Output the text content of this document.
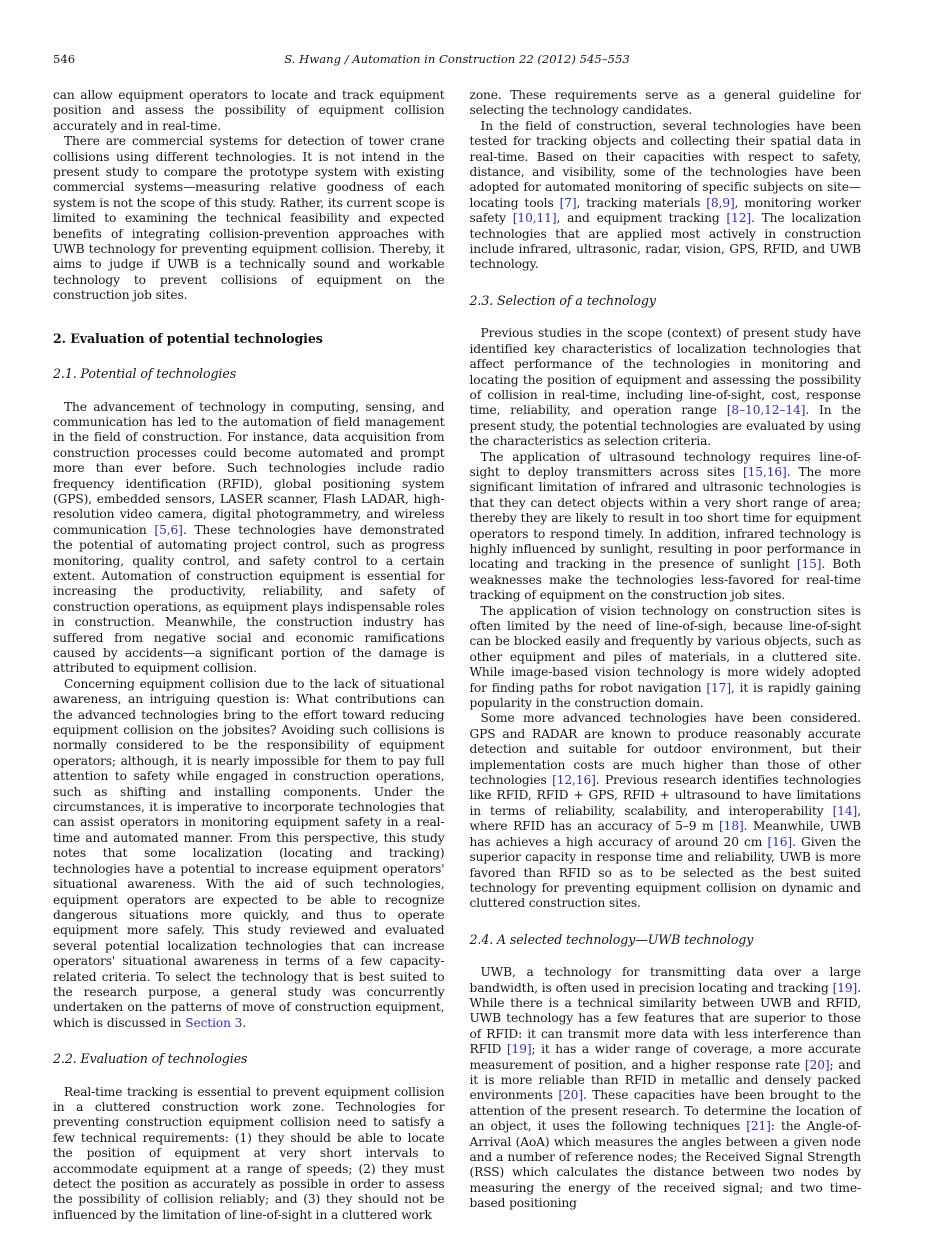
546	S. Hwang / Automation in Construction 22 (2012) 545–553

can allow equipment operators to locate and track equipment position and assess the possibility of equipment collision accurately and in real-time.

There are commercial systems for detection of tower crane collisions using different technologies. It is not intend in the present study to compare the prototype system with existing commercial systems—measuring relative goodness of each system is not the scope of this study. Rather, its current scope is limited to examining the technical feasibility and expected benefits of integrating collision-prevention approaches with UWB technology for preventing equipment collision. Thereby, it aims to judge if UWB is a technically sound and workable technology to prevent collisions of equipment on the construction job sites.

2. Evaluation of potential technologies
2.1. Potential of technologies

The advancement of technology in computing, sensing, and communication has led to the automation of field management in the field of construction. For instance, data acquisition from construction processes could become automated and prompt more than ever before. Such technologies include radio frequency identification (RFID), global positioning system (GPS), embedded sensors, LASER scanner, Flash LADAR, high-resolution video camera, digital photogrammetry, and wireless communication [5,6]. These technologies have demonstrated the potential of automating project control, such as progress monitoring, quality control, and safety control to a certain extent. Automation of construction equipment is essential for increasing the productivity, reliability, and safety of construction operations, as equipment plays indispensable roles in construction. Meanwhile, the construction industry has suffered from negative social and economic ramifications caused by accidents—a significant portion of the damage is attributed to equipment collision.

Concerning equipment collision due to the lack of situational awareness, an intriguing question is: What contributions can the advanced technologies bring to the effort toward reducing equipment collision on the jobsites? Avoiding such collisions is normally considered to be the responsibility of equipment operators; although, it is nearly impossible for them to pay full attention to safety while engaged in construction operations, such as shifting and installing components. Under the circumstances, it is imperative to incorporate technologies that can assist operators in monitoring equipment safety in a real-time and automated manner. From this perspective, this study notes that some localization (locating and tracking) technologies have a potential to increase equipment operators' situational awareness. With the aid of such technologies, equipment operators are expected to be able to recognize dangerous situations more quickly, and thus to operate equipment more safely. This study reviewed and evaluated several potential localization technologies that can increase operators' situational awareness in terms of a few capacity-related criteria. To select the technology that is best suited to the research purpose, a general study was concurrently undertaken on the patterns of move of construction equipment, which is discussed in Section 3.

2.2. Evaluation of technologies

Real-time tracking is essential to prevent equipment collision in a cluttered construction work zone. Technologies for preventing construction equipment collision need to satisfy a few technical requirements: (1) they should be able to locate the position of equipment at very short intervals to accommodate equipment at a range of speeds; (2) they must detect the position as accurately as possible in order to assess the possibility of collision reliably; and (3) they should not be influenced by the limitation of line-of-sight in a cluttered work

zone. These requirements serve as a general guideline for selecting the technology candidates.

In the field of construction, several technologies have been tested for tracking objects and collecting their spatial data in real-time. Based on their capacities with respect to safety, distance, and visibility, some of the technologies have been adopted for automated monitoring of specific subjects on site—locating tools [7], tracking materials [8,9], monitoring worker safety [10,11], and equipment tracking [12]. The localization technologies that are applied most actively in construction include infrared, ultrasonic, radar, vision, GPS, RFID, and UWB technology.

2.3. Selection of a technology

Previous studies in the scope (context) of present study have identified key characteristics of localization technologies that affect performance of the technologies in monitoring and locating the position of equipment and assessing the possibility of collision in real-time, including line-of-sight, cost, response time, reliability, and operation range [8–10,12–14]. In the present study, the potential technologies are evaluated by using the characteristics as selection criteria.

The application of ultrasound technology requires line-of-sight to deploy transmitters across sites [15,16]. The more significant limitation of infrared and ultrasonic technologies is that they can detect objects within a very short range of area; thereby they are likely to result in too short time for equipment operators to respond timely. In addition, infrared technology is highly influenced by sunlight, resulting in poor performance in locating and tracking in the presence of sunlight [15]. Both weaknesses make the technologies less-favored for real-time tracking of equipment on the construction job sites.

The application of vision technology on construction sites is often limited by the need of line-of-sigh, because line-of-sight can be blocked easily and frequently by various objects, such as other equipment and piles of materials, in a cluttered site. While image-based vision technology is more widely adopted for finding paths for robot navigation [17], it is rapidly gaining popularity in the construction domain.

Some more advanced technologies have been considered. GPS and RADAR are known to produce reasonably accurate detection and suitable for outdoor environment, but their implementation costs are much higher than those of other technologies [12,16]. Previous research identifies technologies like RFID, RFID + GPS, RFID + ultrasound to have limitations in terms of reliability, scalability, and interoperability [14], where RFID has an accuracy of 5–9 m [18]. Meanwhile, UWB has achieves a high accuracy of around 20 cm [16]. Given the superior capacity in response time and reliability, UWB is more favored than RFID so as to be selected as the best suited technology for preventing equipment collision on dynamic and cluttered construction sites.

2.4. A selected technology—UWB technology

UWB, a technology for transmitting data over a large bandwidth, is often used in precision locating and tracking [19]. While there is a technical similarity between UWB and RFID, UWB technology has a few features that are superior to those of RFID: it can transmit more data with less interference than RFID [19]; it has a wider range of coverage, a more accurate measurement of position, and a higher response rate [20]; and it is more reliable than RFID in metallic and densely packed environments [20]. These capacities have been brought to the attention of the present research. To determine the location of an object, it uses the following techniques [21]: the Angle-of-Arrival (AoA) which measures the angles between a given node and a number of reference nodes; the Received Signal Strength (RSS) which calculates the distance between two nodes by measuring the energy of the received signal; and two time-based positioning
